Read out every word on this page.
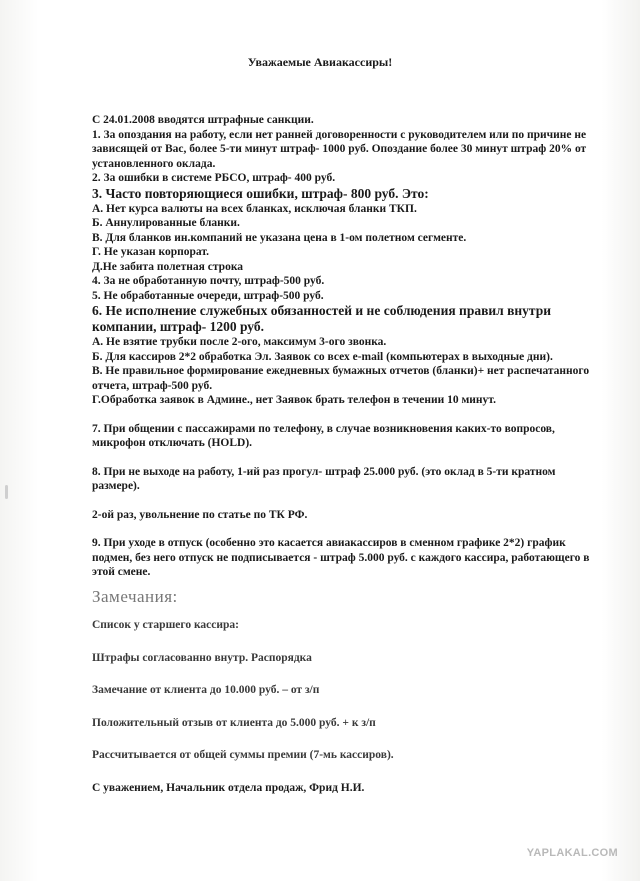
Уважаемые Авиакассиры!

С 24.01.2008 вводятся штрафные санкции.

1. За опоздания на работу, если нет ранней договоренности с руководителем или по причине не зависящей от Вас, более 5-ти минут штраф- 1000 руб. Опоздание более 30 минут штраф 20% от установленного оклада.

2. За ошибки в системе РБСО, штраф- 400 руб.

3. Часто повторяющиеся ошибки, штраф- 800 руб. Это:

А. Нет курса валюты на всех бланках, исключая бланки ТКП.

Б. Аннулированные бланки.

В. Для бланков ин.компаний не указана цена в 1-ом полетном сегменте.

Г. Не указан корпорат.

Д.Не забита полетная строка

4. За не обработанную почту, штраф-500 руб.

5. Не обработанные очереди, штраф-500 руб.

6. Не исполнение служебных обязанностей и не соблюдения правил внутри компании, штраф- 1200 руб.

А. Не взятие трубки после 2-ого, максимум 3-ого звонка.

Б. Для кассиров 2*2 обработка Эл. Заявок со всех e-mail (компьютерах в выходные дни).

В. Не правильное формирование ежедневных бумажных отчетов (бланки)+ нет распечатанного отчета, штраф-500 руб.

Г.Обработка заявок в Админе., нет Заявок брать телефон в течении 10 минут.

7. При общении с пассажирами по телефону, в случае возникновения каких-то вопросов, микрофон отключать (HOLD).

8. При не выходе на работу, 1-ий раз прогул- штраф 25.000 руб. (это оклад в 5-ти кратном размере).

2-ой раз, увольнение по статье по ТК РФ.

9. При уходе в отпуск (особенно это касается авиакассиров в сменном графике 2*2) график подмен, без него отпуск не подписывается - штраф 5.000 руб. с каждого кассира, работающего в этой смене.

Замечания:

Список у старшего кассира:

Штрафы согласованно внутр. Распорядка

Замечание от клиента до 10.000 руб. – от з/п

Положительный отзыв от клиента до 5.000 руб. + к з/п

Рассчитывается от общей суммы премии (7-мь кассиров).

С уважением, Начальник отдела продаж, Фрид Н.И.

YAPLAKAL.COM
